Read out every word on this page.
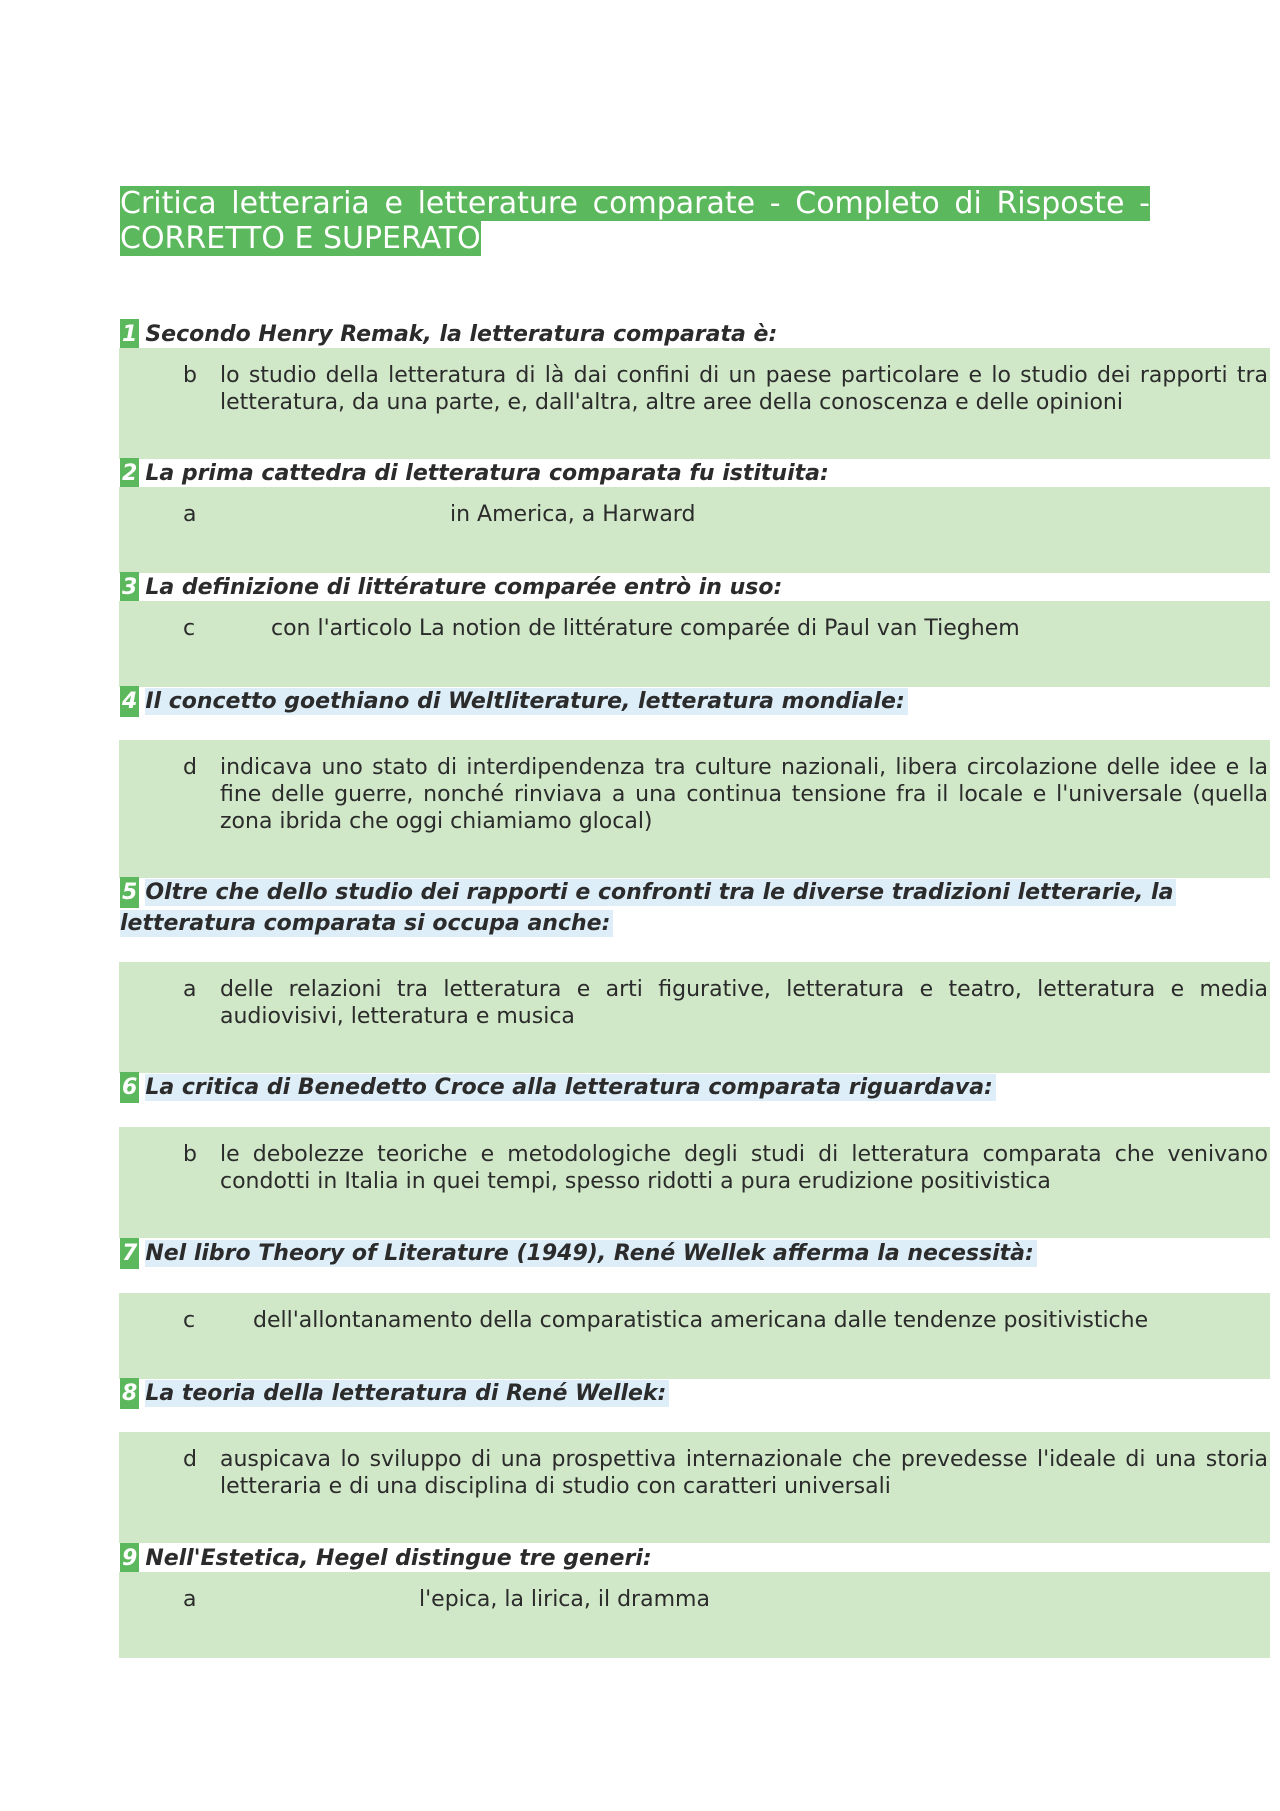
Critica letteraria e letterature comparate - Completo di Risposte -
CORRETTO E SUPERATO
1 Secondo Henry Remak, la letteratura comparata è:
b lo studio della letteratura di là dai confini di un paese particolare e lo studio dei rapporti tra letteratura, da una parte, e, dall'altra, altre aree della conoscenza e delle opinioni
2 La prima cattedra di letteratura comparata fu istituita:
a	in America, a Harward
3 La definizione di littérature comparée entrò in uso:
c	con l'articolo La notion de littérature comparée di Paul van Tieghem
4 Il concetto goethiano di Weltliterature, letteratura mondiale:
d indicava uno stato di interdipendenza tra culture nazionali, libera circolazione delle idee e la fine delle guerre, nonché rinviava a una continua tensione fra il locale e l'universale (quella zona ibrida che oggi chiamiamo glocal)
5 Oltre che dello studio dei rapporti e confronti tra le diverse tradizioni letterarie, la letteratura comparata si occupa anche:
a delle relazioni tra letteratura e arti figurative, letteratura e teatro, letteratura e media audiovisivi, letteratura e musica
6 La critica di Benedetto Croce alla letteratura comparata riguardava:
b le debolezze teoriche e metodologiche degli studi di letteratura comparata che venivano condotti in Italia in quei tempi, spesso ridotti a pura erudizione positivistica
7 Nel libro Theory of Literature (1949), René Wellek afferma la necessità:
c	dell'allontanamento della comparatistica americana dalle tendenze positivistiche
8 La teoria della letteratura di René Wellek:
d auspicava lo sviluppo di una prospettiva internazionale che prevedesse l'ideale di una storia letteraria e di una disciplina di studio con caratteri universali
9 Nell'Estetica, Hegel distingue tre generi:
a	l'epica, la lirica, il dramma
